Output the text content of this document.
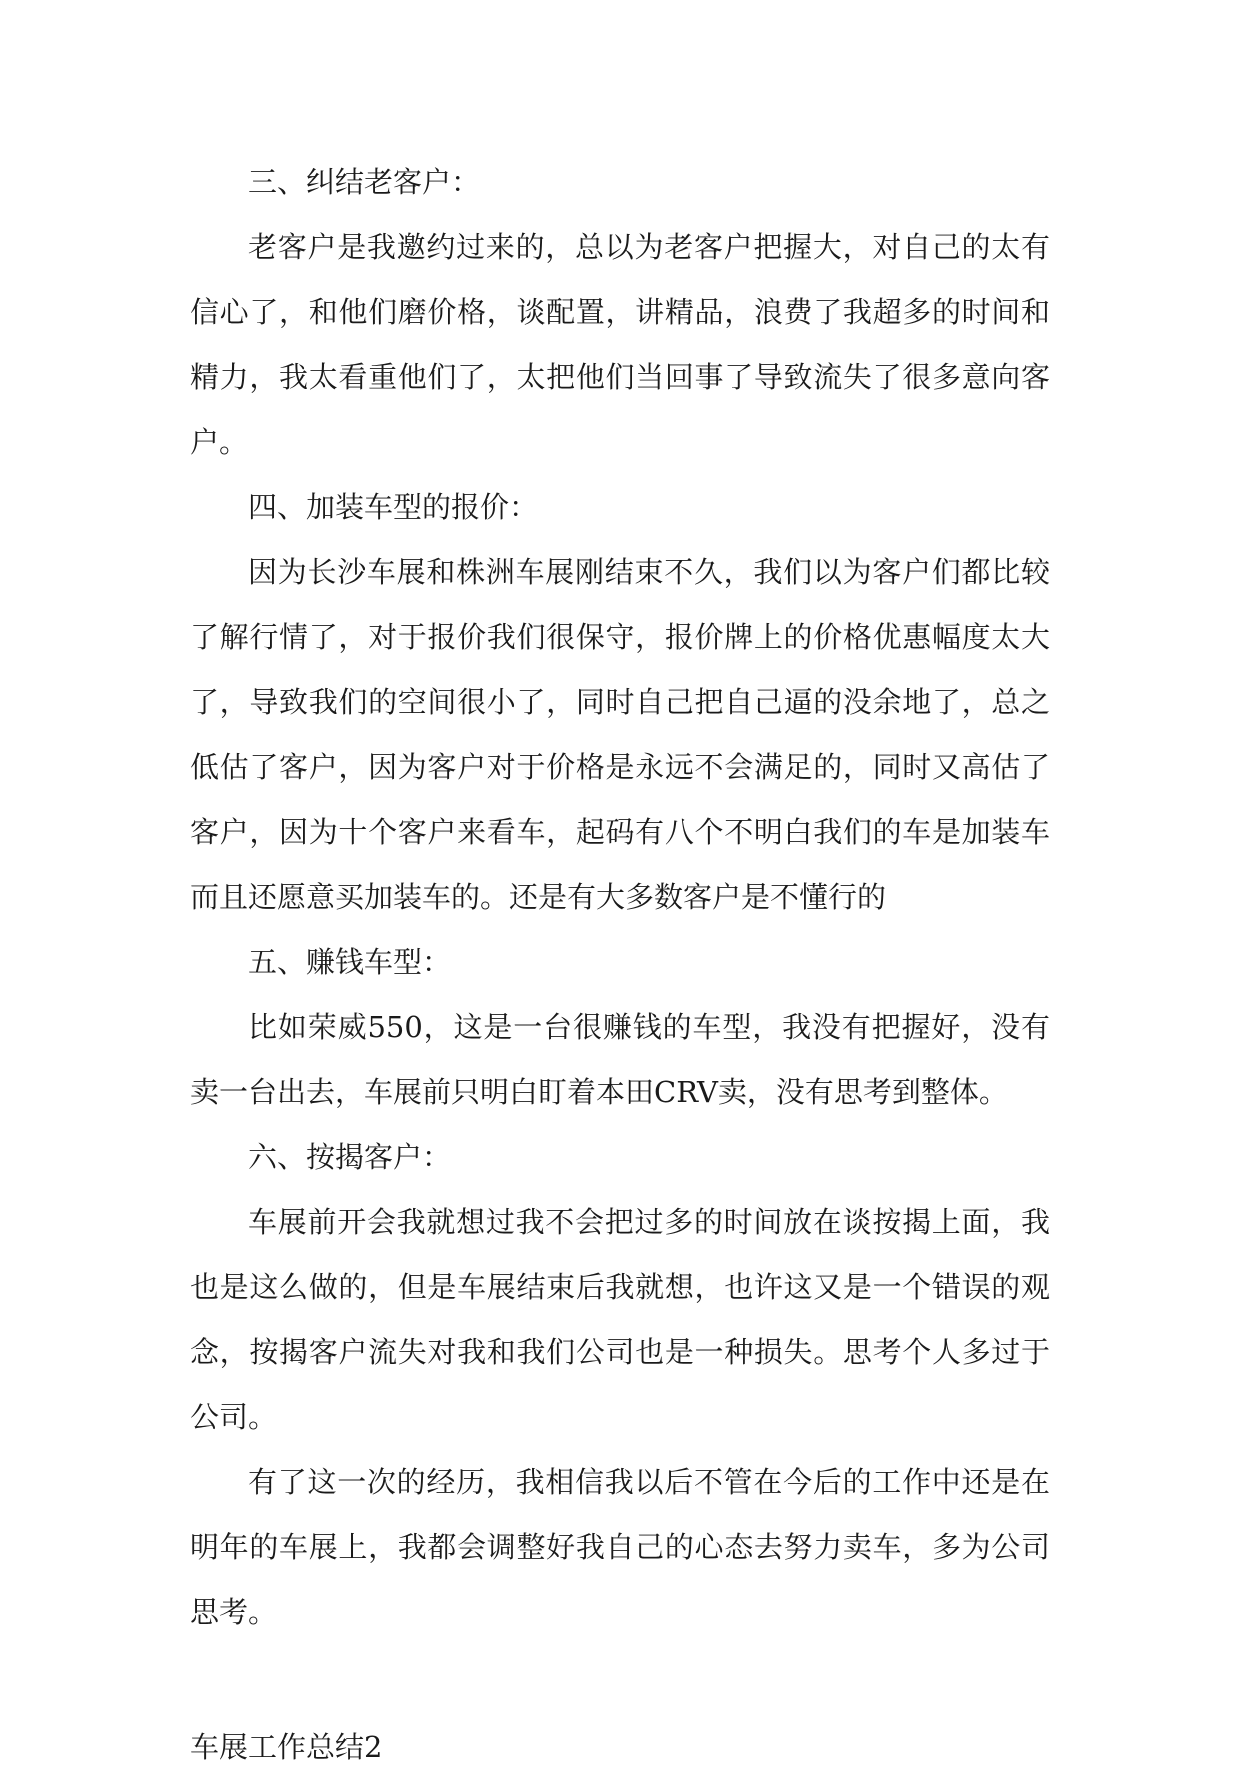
三、纠结老客户：

老客户是我邀约过来的，总以为老客户把握大，对自己的太有信心了，和他们磨价格，谈配置，讲精品，浪费了我超多的时间和精力，我太看重他们了，太把他们当回事了导致流失了很多意向客户。

四、加装车型的报价：

因为长沙车展和株洲车展刚结束不久，我们以为客户们都比较了解行情了，对于报价我们很保守，报价牌上的价格优惠幅度太大了，导致我们的空间很小了，同时自己把自己逼的没余地了，总之低估了客户，因为客户对于价格是永远不会满足的，同时又高估了客户，因为十个客户来看车，起码有八个不明白我们的车是加装车而且还愿意买加装车的。还是有大多数客户是不懂行的

五、赚钱车型：

比如荣威550，这是一台很赚钱的车型，我没有把握好，没有卖一台出去，车展前只明白盯着本田CRV卖，没有思考到整体。

六、按揭客户：

车展前开会我就想过我不会把过多的时间放在谈按揭上面，我也是这么做的，但是车展结束后我就想，也许这又是一个错误的观念，按揭客户流失对我和我们公司也是一种损失。思考个人多过于公司。

有了这一次的经历，我相信我以后不管在今后的工作中还是在明年的车展上，我都会调整好我自己的心态去努力卖车，多为公司思考。

车展工作总结2
